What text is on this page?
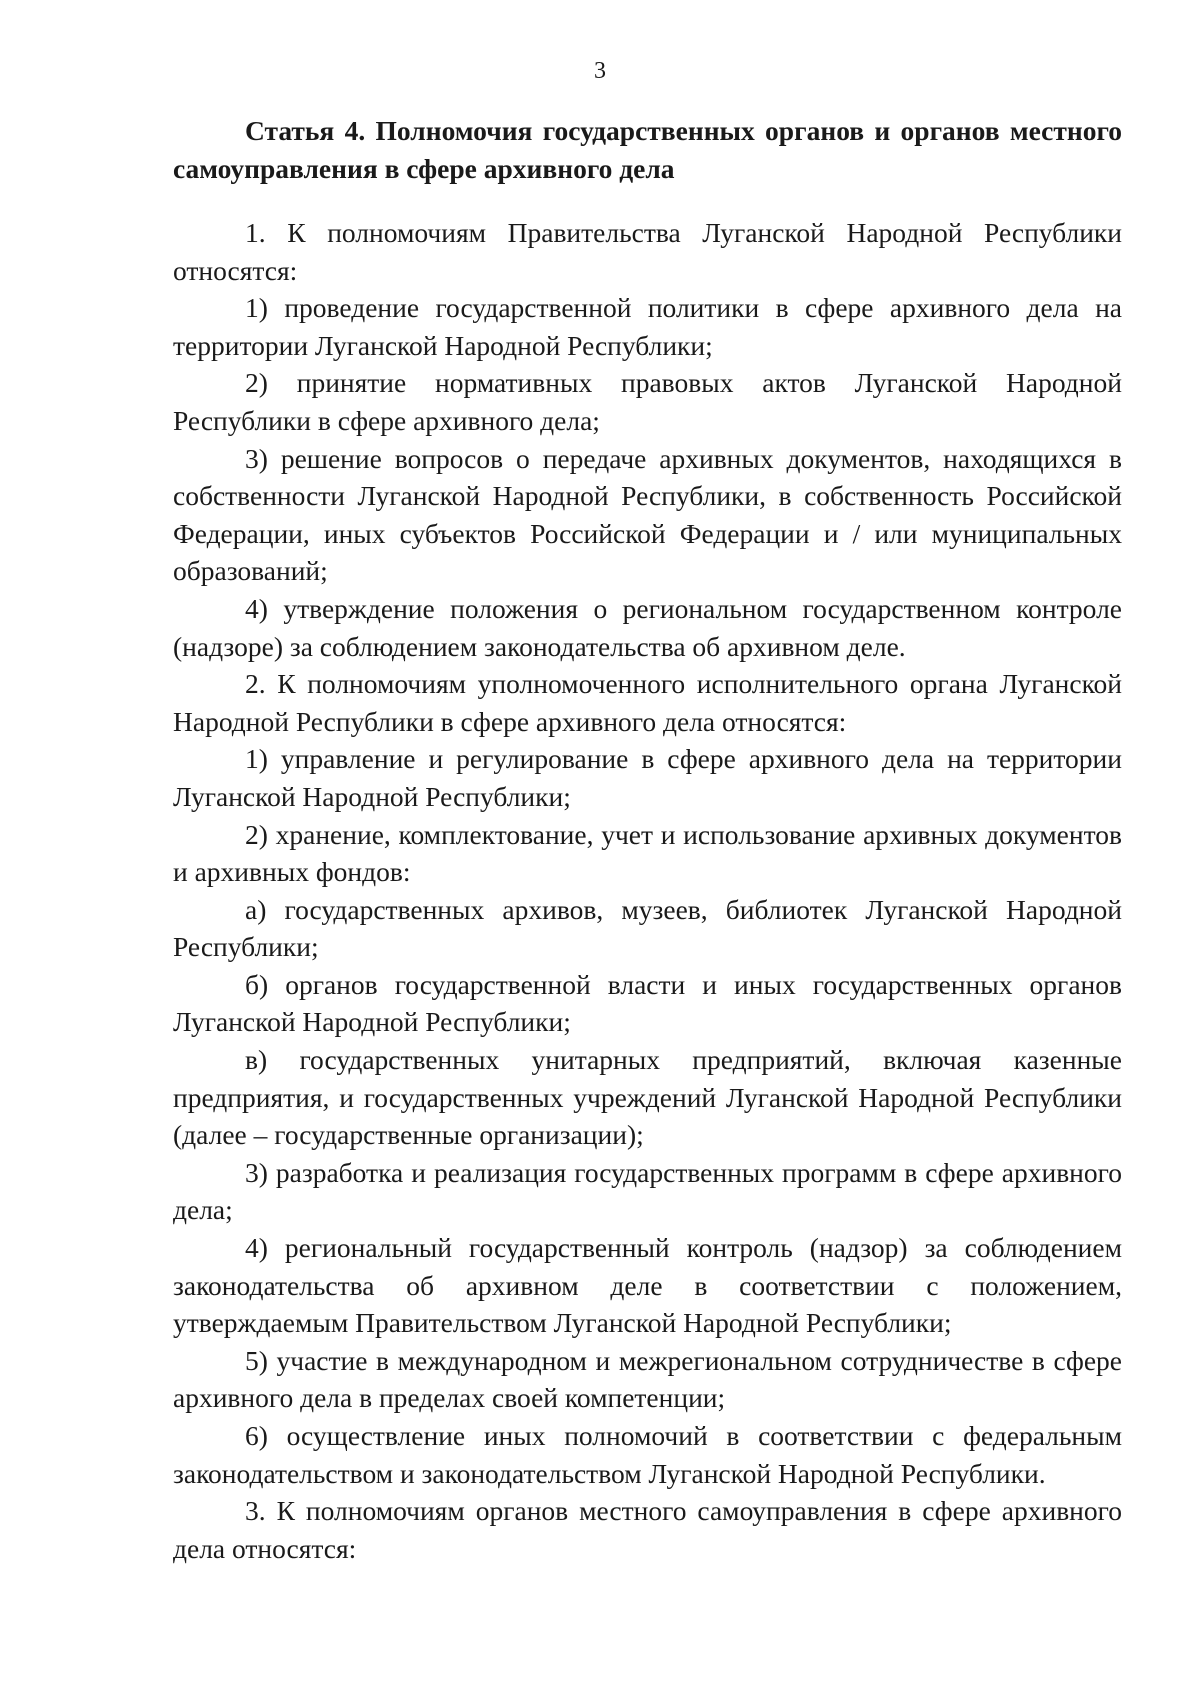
3

Статья 4. Полномочия государственных органов и органов местного самоуправления в сфере архивного дела

1. К полномочиям Правительства Луганской Народной Республики относятся:

1) проведение государственной политики в сфере архивного дела на территории Луганской Народной Республики;

2) принятие нормативных правовых актов Луганской Народной Республики в сфере архивного дела;

3) решение вопросов о передаче архивных документов, находящихся в собственности Луганской Народной Республики, в собственность Российской Федерации, иных субъектов Российской Федерации и / или муниципальных образований;

4) утверждение положения о региональном государственном контроле (надзоре) за соблюдением законодательства об архивном деле.

2. К полномочиям уполномоченного исполнительного органа Луганской Народной Республики в сфере архивного дела относятся:

1) управление и регулирование в сфере архивного дела на территории Луганской Народной Республики;

2) хранение, комплектование, учет и использование архивных документов и архивных фондов:

а) государственных архивов, музеев, библиотек Луганской Народной Республики;

б) органов государственной власти и иных государственных органов Луганской Народной Республики;

в) государственных унитарных предприятий, включая казенные предприятия, и государственных учреждений Луганской Народной Республики (далее – государственные организации);

3) разработка и реализация государственных программ в сфере архивного дела;

4) региональный государственный контроль (надзор) за соблюдением законодательства об архивном деле в соответствии с положением, утверждаемым Правительством Луганской Народной Республики;

5) участие в международном и межрегиональном сотрудничестве в сфере архивного дела в пределах своей компетенции;

6) осуществление иных полномочий в соответствии с федеральным законодательством и законодательством Луганской Народной Республики.

3. К полномочиям органов местного самоуправления в сфере архивного дела относятся:
